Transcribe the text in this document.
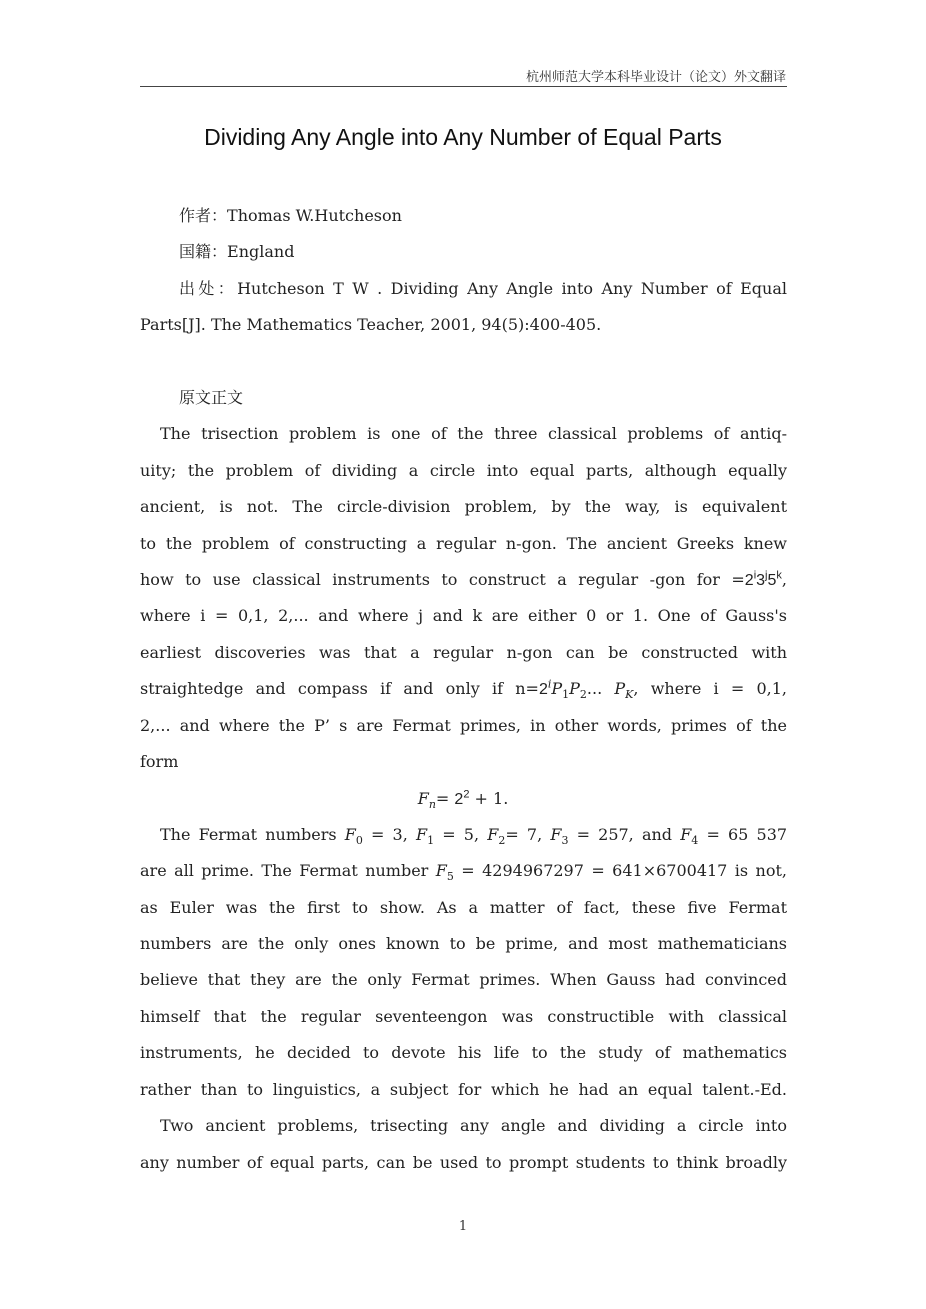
杭州师范大学本科毕业设计（论文）外文翻译
Dividing Any Angle into Any Number of Equal Parts
作者：Thomas W.Hutcheson
国籍：England
出处：Hutcheson T W . Dividing Any Angle into Any Number of Equal
Parts[J]. The Mathematics Teacher, 2001, 94(5):400-405.
原文正文
The trisection problem is one of the three classical problems of antiq-
uity; the problem of dividing a circle into equal parts, although equally
ancient, is not. The circle-division problem, by the way, is equivalent
to the problem of constructing a regular n-gon. The ancient Greeks knew
how to use classical instruments to construct a regular -gon for $=2^i3^j5^k$,
where i = 0,1, 2,... and where j and k are either 0 or 1. One of Gauss's
earliest discoveries was that a regular n-gon can be constructed with
straightedge and compass if and only if $n=2^iP_1P_2$... $P_K$, where i = 0,1,
2,... and where the P’ s are Fermat primes, in other words, primes of the
form
$F_n= 2^2 + 1$.
The Fermat numbers $F_0 = 3$, $F_1 = 5$, $F_2= 7$, $F_3 = 257$, and $F_4 = 65$ 537
are all prime. The Fermat number $F_5 = 4294967297 = 641\times 6700417$ is not,
as Euler was the first to show. As a matter of fact, these five Fermat
numbers are the only ones known to be prime, and most mathematicians
believe that they are the only Fermat primes. When Gauss had convinced
himself that the regular seventeengon was constructible with classical
instruments, he decided to devote his life to the study of mathematics
rather than to linguistics, a subject for which he had an equal talent.-Ed.
Two ancient problems, trisecting any angle and dividing a circle into
any number of equal parts, can be used to prompt students to think broadly
1
